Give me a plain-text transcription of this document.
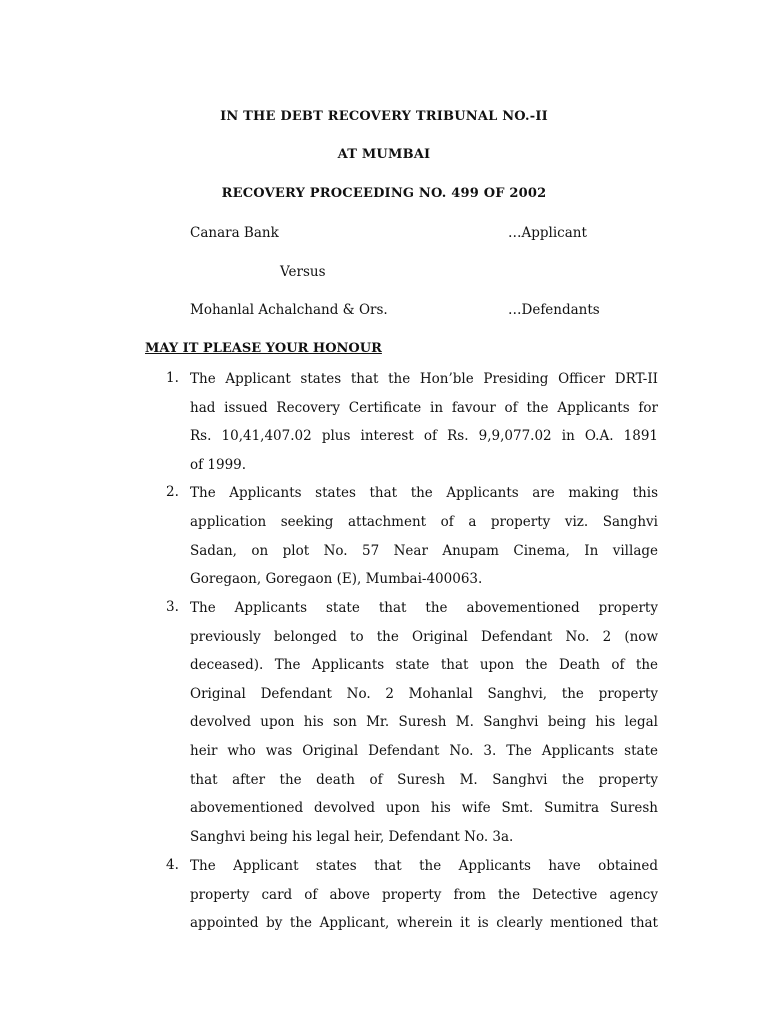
IN THE DEBT RECOVERY TRIBUNAL NO.-II
AT MUMBAI
RECOVERY PROCEEDING NO. 499 OF 2002
Canara Bank	…Applicant
Versus
Mohanlal Achalchand & Ors.	…Defendants
MAY IT PLEASE YOUR HONOUR
1. The Applicant states that the Hon’ble Presiding Officer DRT-II
had issued Recovery Certificate in favour of the Applicants for
Rs. 10,41,407.02 plus interest of Rs. 9,9,077.02 in O.A. 1891
of 1999.
2. The Applicants states that the Applicants are making this
application seeking attachment of a property viz. Sanghvi
Sadan, on plot No. 57 Near Anupam Cinema, In village
Goregaon, Goregaon (E), Mumbai-400063.
3. The Applicants state that the abovementioned property
previously belonged to the Original Defendant No. 2 (now
deceased). The Applicants state that upon the Death of the
Original Defendant No. 2 Mohanlal Sanghvi, the property
devolved upon his son Mr. Suresh M. Sanghvi being his legal
heir who was Original Defendant No. 3. The Applicants state
that after the death of Suresh M. Sanghvi the property
abovementioned devolved upon his wife Smt. Sumitra Suresh
Sanghvi being his legal heir, Defendant No. 3a.
4. The Applicant states that the Applicants have obtained
property card of above property from the Detective agency
appointed by the Applicant, wherein it is clearly mentioned that
